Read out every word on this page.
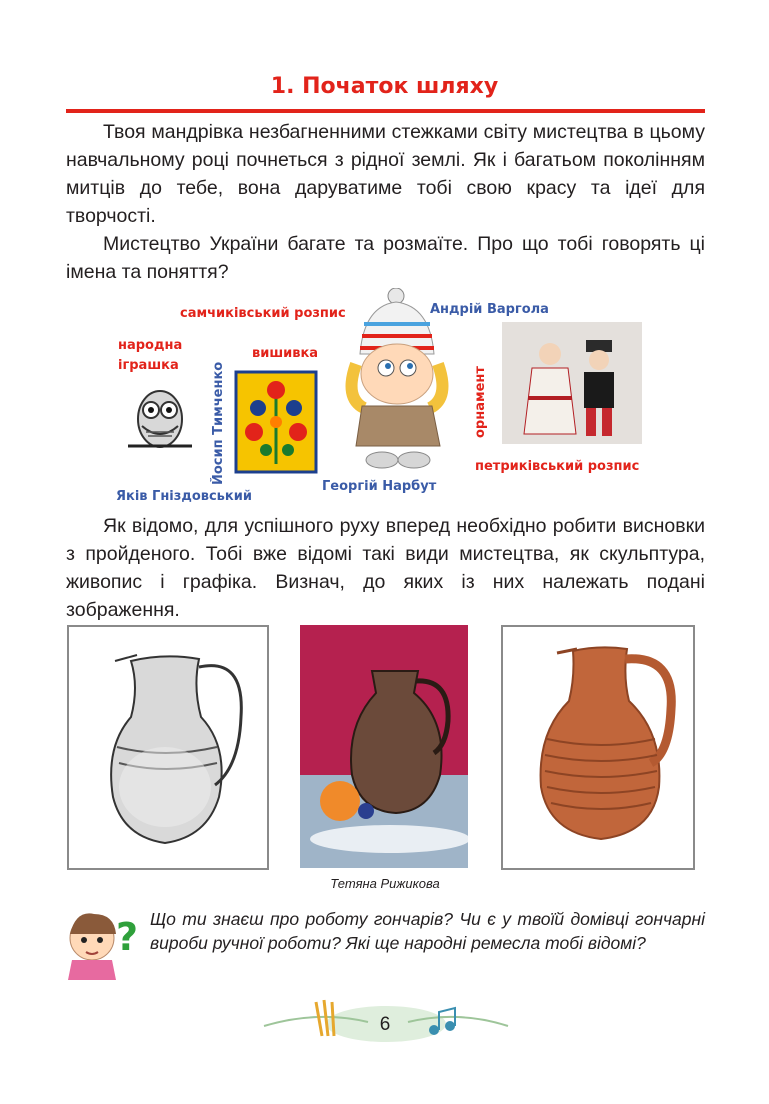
1. Початок шляху
Твоя мандрівка незбагненними стежками світу мистецтва в цьому навчальному році почнеться з рідної землі. Як і багатьом поколінням митців до тебе, вона даруватиме тобі свою красу та ідеї для творчості.
Мистецтво України багате та розмаїте. Про що тобі говорять ці імена та поняття?
самчиківський розпис	Андрій Варгола
народна
іграшка
вишивка
Йосип Тимченко	орнамент
петриківський розпис
Яків Гніздовський
Георгій Нарбут
Як відомо, для успішного руху вперед необхідно робити висновки з пройденого. Тобі вже відомі такі види мистецтва, як скульптура, живопис і графіка. Визнач, до яких із них належать подані зображення.
Тетяна Рижикова
? Що ти знаєш про роботу гончарів? Чи є у твоїй домівці гончарні вироби ручної роботи? Які ще народні ремесла тобі відомі?
6
